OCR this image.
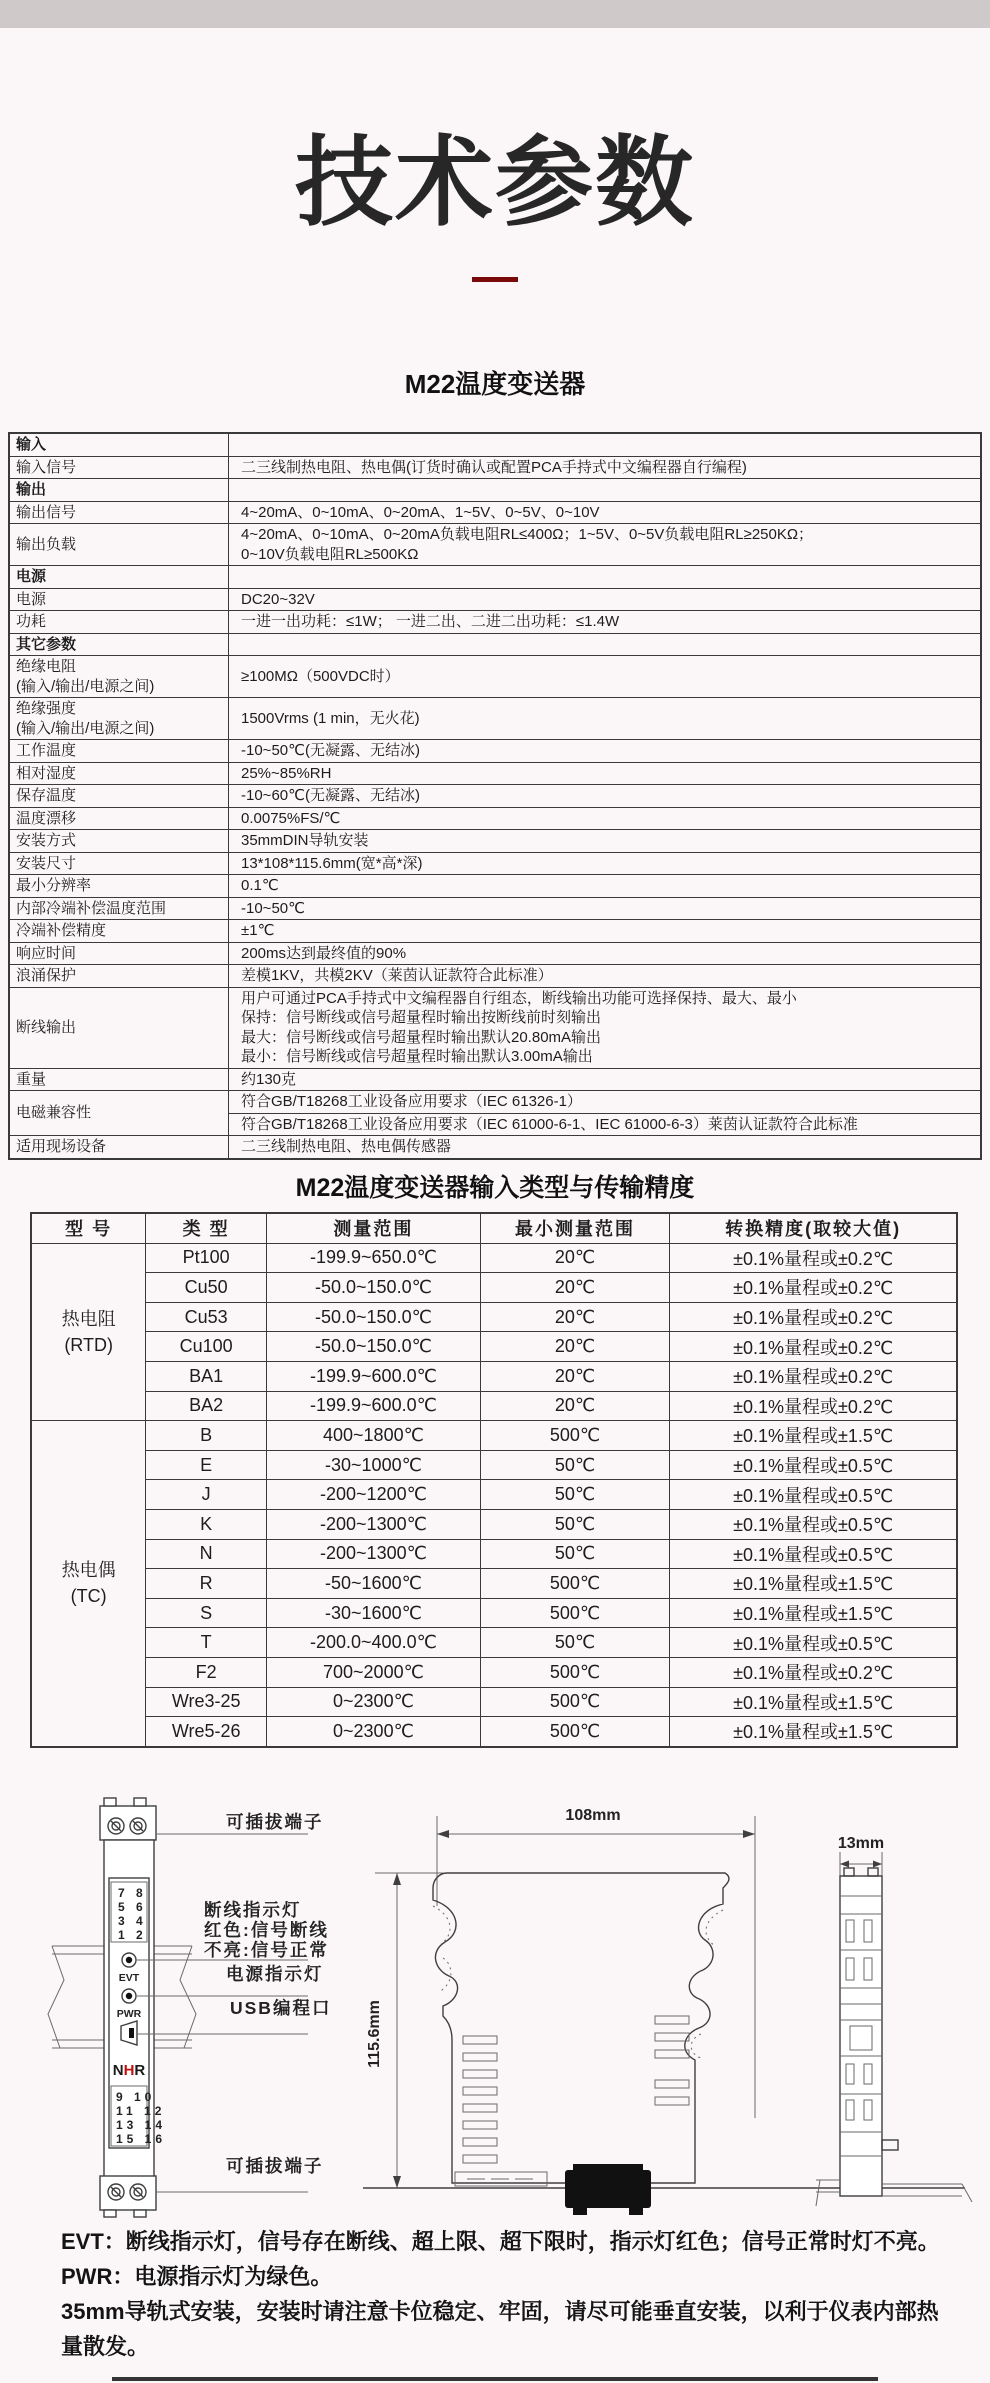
技术参数
M22温度变送器
输入	

输入信号	二三线制热电阻、热电偶(订货时确认或配置PCA手持式中文编程器自行编程)

输出	

输出信号	4~20mA、0~10mA、0~20mA、1~5V、0~5V、0~10V

输出负载	4~20mA、0~10mA、0~20mA负载电阻RL≤400Ω；1~5V、0~5V负载电阻RL≥250KΩ；
0~10V负载电阻RL≥500KΩ

电源	

电源	DC20~32V

功耗	一进一出功耗：≤1W； 一进二出、二进二出功耗：≤1.4W

其它参数	

绝缘电阻
(输入/输出/电源之间)	≥100MΩ（500VDC时）

绝缘强度
(输入/输出/电源之间)	1500Vrms (1 min，无火花)

工作温度	-10~50℃(无凝露、无结冰)

相对湿度	25%~85%RH

保存温度	-10~60℃(无凝露、无结冰)

温度漂移	0.0075%FS/℃

安装方式	35mmDIN导轨安装

安装尺寸	13*108*115.6mm(宽*高*深)

最小分辨率	0.1℃

内部冷端补偿温度范围	-10~50℃

冷端补偿精度	±1℃

响应时间	200ms达到最终值的90%

浪涌保护	差模1KV，共模2KV（莱茵认证款符合此标准）

断线输出	用户可通过PCA手持式中文编程器自行组态，断线输出功能可选择保持、最大、最小
保持：信号断线或信号超量程时输出按断线前时刻输出
最大：信号断线或信号超量程时输出默认20.80mA输出
最小：信号断线或信号超量程时输出默认3.00mA输出

重量	约130克

电磁兼容性	符合GB/T18268工业设备应用要求（IEC 61326-1）
符合GB/T18268工业设备应用要求（IEC 61000-6-1、IEC 61000-6-3）莱茵认证款符合此标准

适用现场设备	二三线制热电阻、热电偶传感器
M22温度变送器输入类型与传输精度
型 号	类 型	测量范围	最小测量范围	转换精度(取较大值)

热电阻
(RTD)	Pt100	-199.9~650.0℃	20℃	±0.1%量程或±0.2℃
	Cu50	-50.0~150.0℃	20℃	±0.1%量程或±0.2℃
	Cu53	-50.0~150.0℃	20℃	±0.1%量程或±0.2℃
	Cu100	-50.0~150.0℃	20℃	±0.1%量程或±0.2℃
	BA1	-199.9~600.0℃	20℃	±0.1%量程或±0.2℃
	BA2	-199.9~600.0℃	20℃	±0.1%量程或±0.2℃

热电偶
(TC)	B	400~1800℃	500℃	±0.1%量程或±1.5℃
	E	-30~1000℃	50℃	±0.1%量程或±0.5℃
	J	-200~1200℃	50℃	±0.1%量程或±0.5℃
	K	-200~1300℃	50℃	±0.1%量程或±0.5℃
	N	-200~1300℃	50℃	±0.1%量程或±0.5℃
	R	-50~1600℃	500℃	±0.1%量程或±1.5℃
	S	-30~1600℃	500℃	±0.1%量程或±1.5℃
	T	-200.0~400.0℃	50℃	±0.1%量程或±0.5℃
	F2	700~2000℃	500℃	±0.1%量程或±0.2℃
	Wre3-25	0~2300℃	500℃	±0.1%量程或±1.5℃
	Wre5-26	0~2300℃	500℃	±0.1%量程或±1.5℃
7 8
5 6
3 4
1 2
EVT
PWR
NHR
9 10
11 12
13 14
15 16
可插拔端子
断线指示灯
红色:信号断线
不亮:信号正常
电源指示灯
USB编程口
可插拔端子
108mm
115.6mm
13mm
EVT：断线指示灯，信号存在断线、超上限、超下限时，指示灯红色；信号正常时灯不亮。
PWR：电源指示灯为绿色。
35mm导轨式安装，安装时请注意卡位稳定、牢固，请尽可能垂直安装，以利于仪表内部热量散发。
